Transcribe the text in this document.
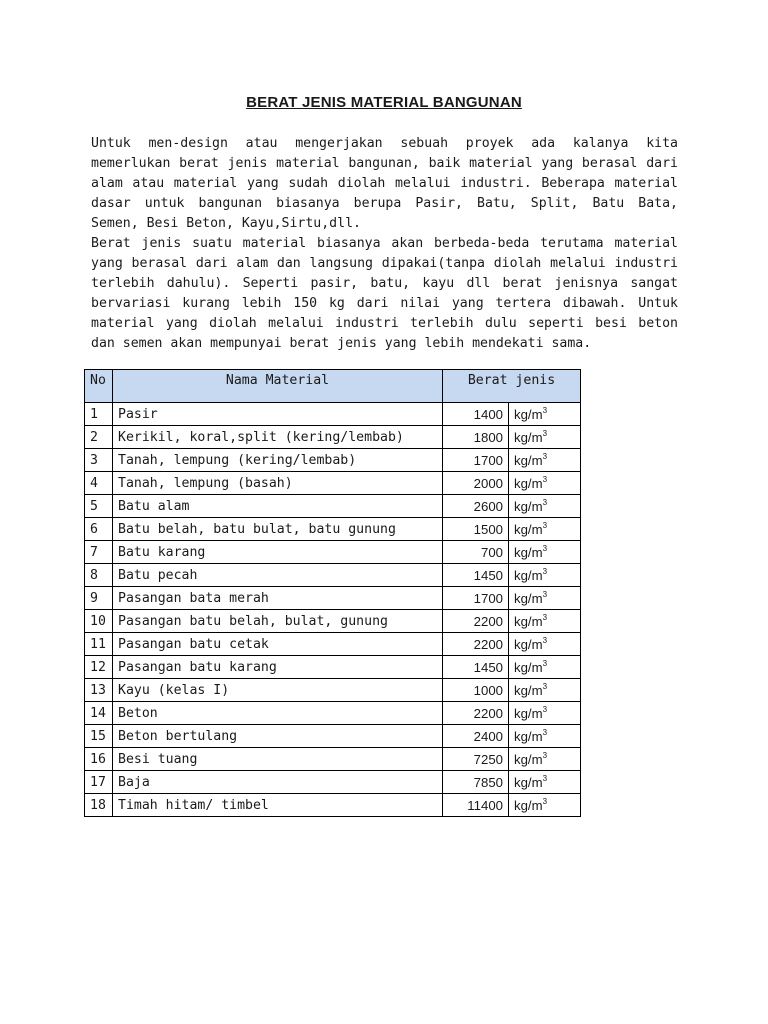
BERAT JENIS MATERIAL BANGUNAN

Untuk men-design atau mengerjakan sebuah proyek ada kalanya kita memerlukan berat jenis material bangunan, baik material yang berasal dari alam atau material yang sudah diolah melalui industri. Beberapa material dasar untuk bangunan biasanya berupa Pasir, Batu, Split, Batu Bata, Semen, Besi Beton, Kayu,Sirtu,dll.

Berat jenis suatu material biasanya akan berbeda-beda terutama material yang berasal dari alam dan langsung dipakai(tanpa diolah melalui industri terlebih dahulu). Seperti pasir, batu, kayu dll berat jenisnya sangat bervariasi kurang lebih 150 kg dari nilai yang tertera dibawah. Untuk material yang diolah melalui industri terlebih dulu seperti besi beton dan semen akan mempunyai berat jenis yang lebih mendekati sama.

No	Nama Material	Berat jenis	
1	Pasir	1400	$kg/m^3$
2	Kerikil, koral,split (kering/lembab)	1800	$kg/m^3$
3	Tanah, lempung (kering/lembab)	1700	$kg/m^3$
4	Tanah, lempung (basah)	2000	$kg/m^3$
5	Batu alam	2600	$kg/m^3$
6	Batu belah, batu bulat, batu gunung	1500	$kg/m^3$
7	Batu karang	700	$kg/m^3$
8	Batu pecah	1450	$kg/m^3$
9	Pasangan bata merah	1700	$kg/m^3$
10	Pasangan batu belah, bulat, gunung	2200	$kg/m^3$
11	Pasangan batu cetak	2200	$kg/m^3$
12	Pasangan batu karang	1450	$kg/m^3$
13	Kayu (kelas I)	1000	$kg/m^3$
14	Beton	2200	$kg/m^3$
15	Beton bertulang	2400	$kg/m^3$
16	Besi tuang	7250	$kg/m^3$
17	Baja	7850	$kg/m^3$
18	Timah hitam/ timbel	11400	$kg/m^3$
